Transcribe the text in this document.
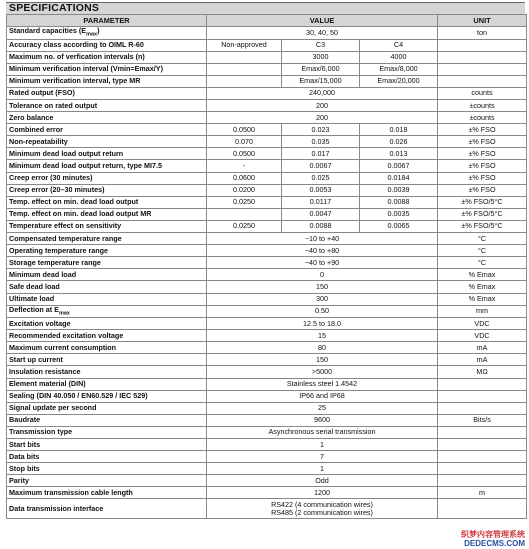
SPECIFICATIONS
PARAMETER	VALUE			UNIT
Standard capacities $(E_{max})$	30, 40, 50			ton
Accuracy class according to OIML R-60	Non-approved	C3	C4	
Maximum no. of verfication intervals (n)		3000	4000	
Minimum verification interval (Vmin=Emax/Y)		Emax/6,000	Emax/8,000	
Minimum verification interval, type MR		Emax/15,000	Emax/20,000	
Rated output (FSO)	240,000			counts
Tolerance on rated output	200			±counts
Zero balance	200			±counts
Combined error	0.0500	0.023	0.018	±% FSO
Non-repeatability	0.070	0.035	0.026	±% FSO
Minimum dead load output return	0.0500	0.017	0.013	±% FSO
Minimum dead load output return, type MI7.5	-	0.0067	0.0067	±% FSO
Creep error (30 minutes)	0.0600	0.025	0.0184	±% FSO
Creep error (20–30 minutes)	0.0200	0.0053	0.0039	±% FSO
Temp. effect on min. dead load output	0.0250	0.0117	0.0088	±% FSO/5°C
Temp. effect on min. dead load output MR		0.0047	0.0035	±% FSO/5°C
Temperature effect on sensitivity	0.0250	0.0088	0.0065	±% FSO/5°C
Compensated temperature range	−10 to +40			°C
Operating temperature range	−40 to +80			°C
Storage temperature range	−40 to +90			°C
Minimum dead load	0			% Emax
Safe dead load	150			% Emax
Ultimate load	300			% Emax
Deflection at $E_{max}$	0.50			mm
Excitation voltage	12.5 to 18.0			VDC
Recommended excitation voltage	15			VDC
Maximum current consumption	80			mA
Start up current	150			mA
Insulation resistance	>5000			MΩ
Element material (DIN)	Stainless steel 1.4542			
Sealing (DIN 40.050 / EN60.529 / IEC 529)	IP66 and IP68			
Signal update per second	25			
Baudrate	9600			Bits/s
Transmission type	Asynchronous serial transmission			
Start bits	1			
Data bits	7			
Stop bits	1			
Parity	Odd			
Maximum transmission cable length	1200			m
Data transmission interface	RS422 (4 communication wires)
RS485 (2 communication wires)			
织梦内容管理系统
DEDECMS.COM
